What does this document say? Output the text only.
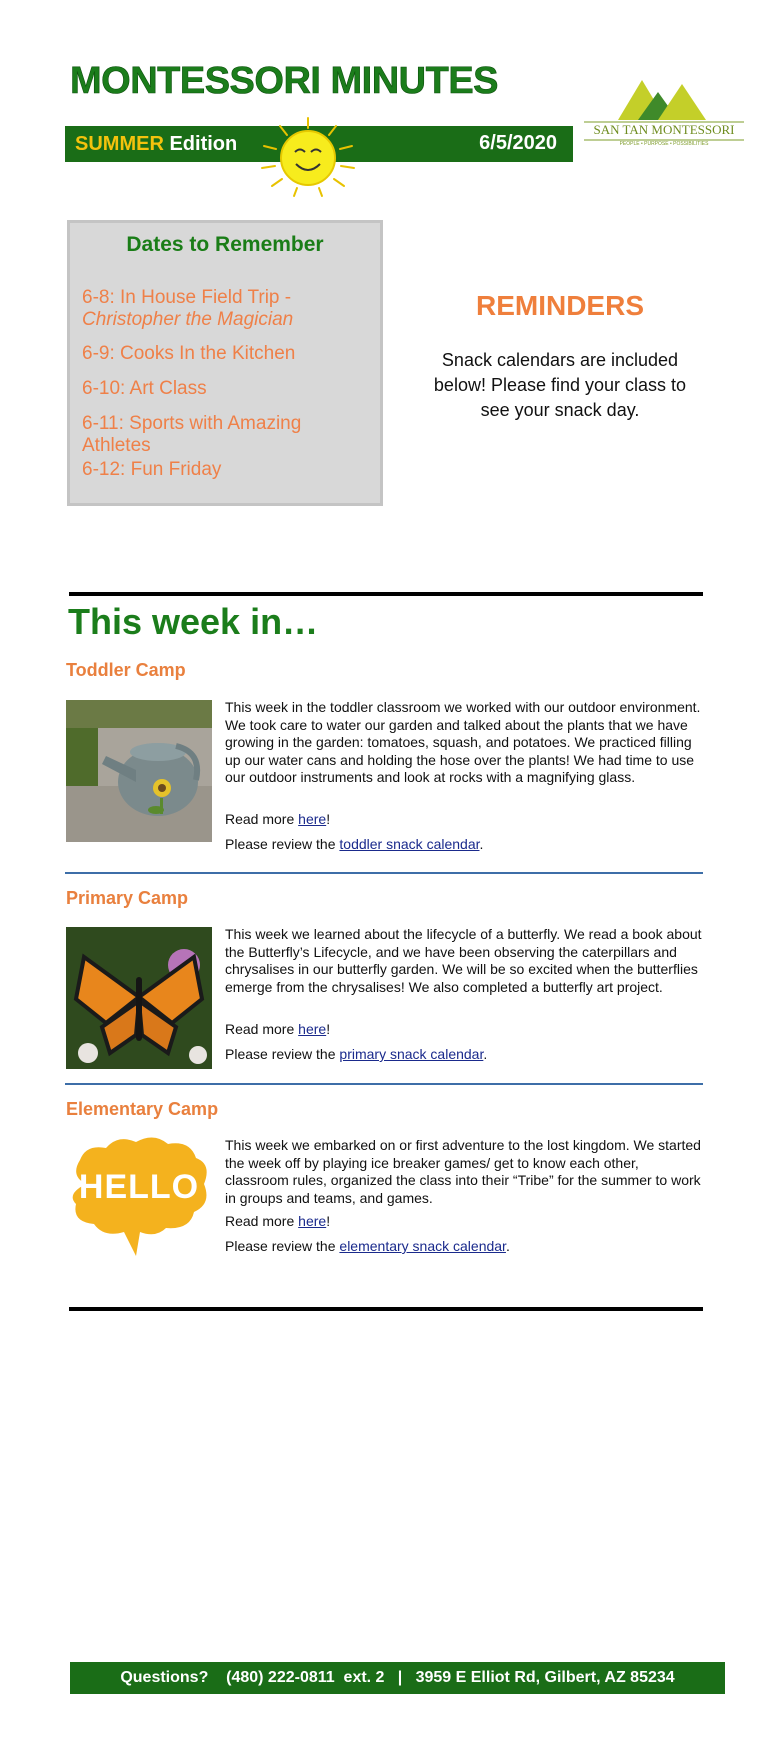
MONTESSORI MINUTES
SUMMER Edition	6/5/2020
SAN TAN MONTESSORI
PEOPLE • PURPOSE • POSSIBILITIES
Dates to Remember
6-8: In House Field Trip -
Christopher the Magician
6-9: Cooks In the Kitchen
6-10: Art Class
6-11: Sports with Amazing Athletes
6-12: Fun Friday
REMINDERS
Snack calendars are included below! Please find your class to see your snack day.
This week in…
Toddler Camp
This week in the toddler classroom we worked with our outdoor environment. We took care to water our garden and talked about the plants that we have growing in the garden: tomatoes, squash, and potatoes. We practiced filling up our water cans and holding the hose over the plants! We had time to use our outdoor instruments and look at rocks with a magnifying glass.
Read more here!
Please review the toddler snack calendar.
Primary Camp
This week we learned about the lifecycle of a butterfly. We read a book about the Butterfly’s Lifecycle, and we have been observing the caterpillars and chrysalises in our butterfly garden. We will be so excited when the butterflies emerge from the chrysalises! We also completed a butterfly art project.
Read more here!
Please review the primary snack calendar.
Elementary Camp
HELLO
This week we embarked on or first adventure to the lost kingdom. We started the week off by playing ice breaker games/ get to know each other, classroom rules, organized the class into their “Tribe” for the summer to work in groups and teams, and games.
Read more here!
Please review the elementary snack calendar.
Questions?    (480) 222-0811  ext. 2   |   3959 E Elliot Rd, Gilbert, AZ 85234
